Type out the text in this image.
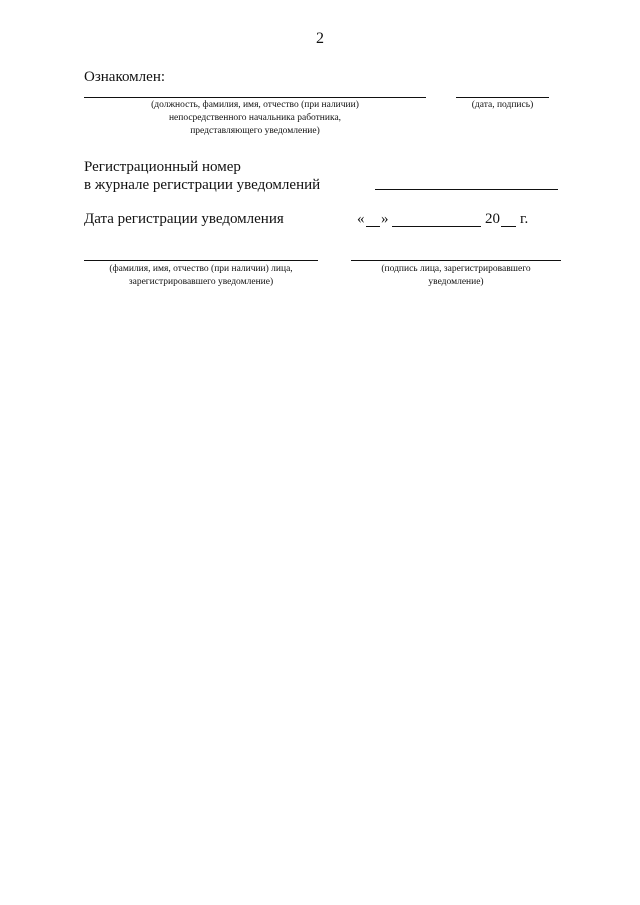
2
Ознакомлен:
(должность, фамилия, имя, отчество (при наличии)
непосредственного начальника работника,
представляющего уведомление)
(дата, подпись)
Регистрационный номер
в журнале регистрации уведомлений
Дата регистрации уведомления	« »	20 г.
(фамилия, имя, отчество (при наличии) лица,
зарегистрировавшего уведомление)
(подпись лица, зарегистрировавшего
уведомление)
